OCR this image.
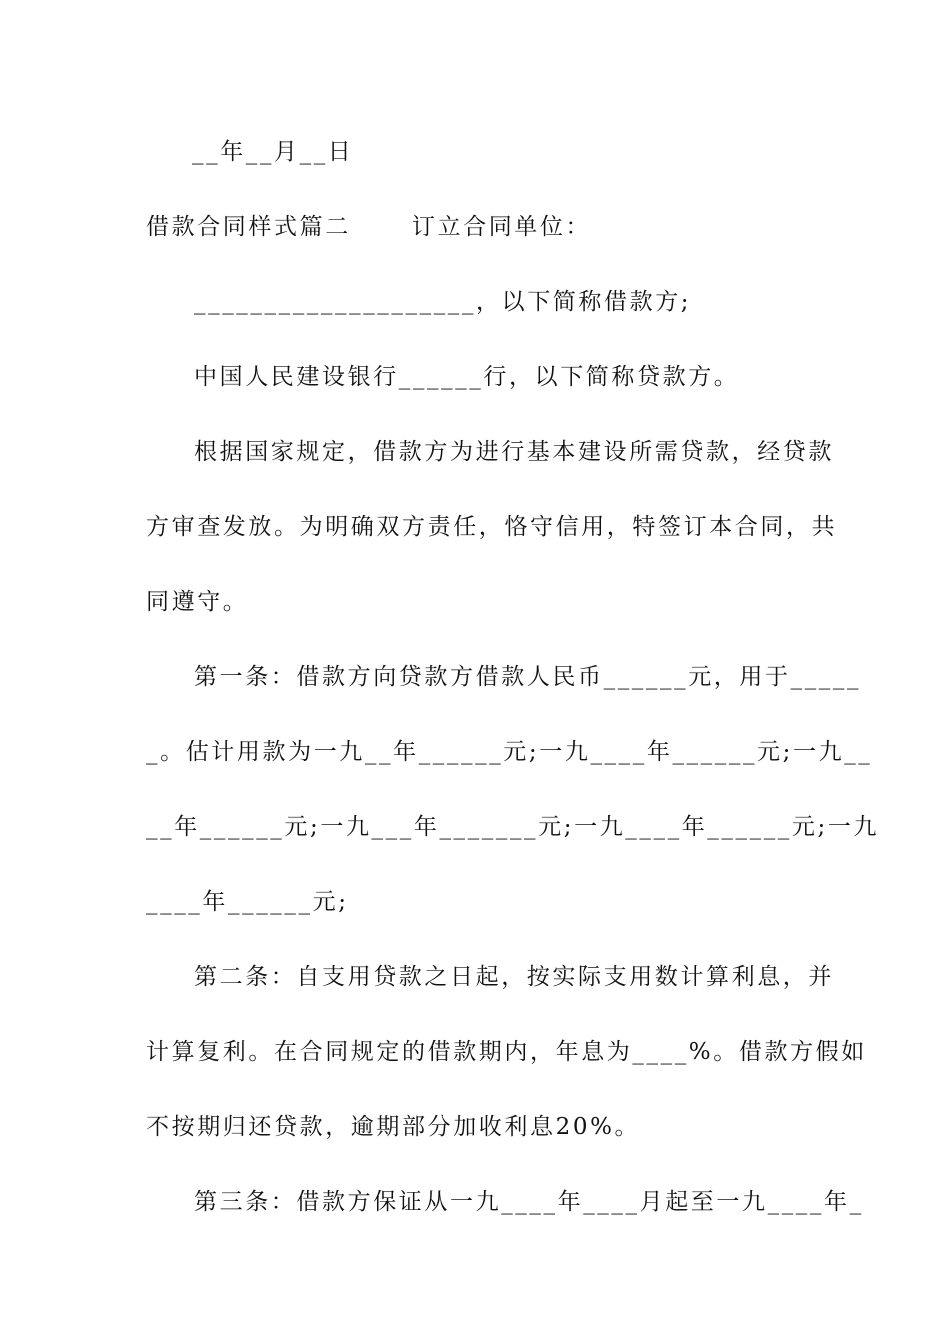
__年__月__日
借款合同样式篇二　　 订立合同单位：
____________________，以下简称借款方;
中国人民建设银行______行，以下简称贷款方。
根据国家规定，借款方为进行基本建设所需贷款，经贷款
方审查发放。为明确双方责任，恪守信用，特签订本合同，共
同遵守。
第一条：借款方向贷款方借款人民币______元，用于_____
_。估计用款为一九__年______元;一九____年______元;一九__
__年______元;一九___年_______元;一九____年______元;一九
____年______元;
第二条：自支用贷款之日起，按实际支用数计算利息，并
计算复利。在合同规定的借款期内，年息为____%。借款方假如
不按期归还贷款，逾期部分加收利息20%。
第三条：借款方保证从一九____年____月起至一九____年_
